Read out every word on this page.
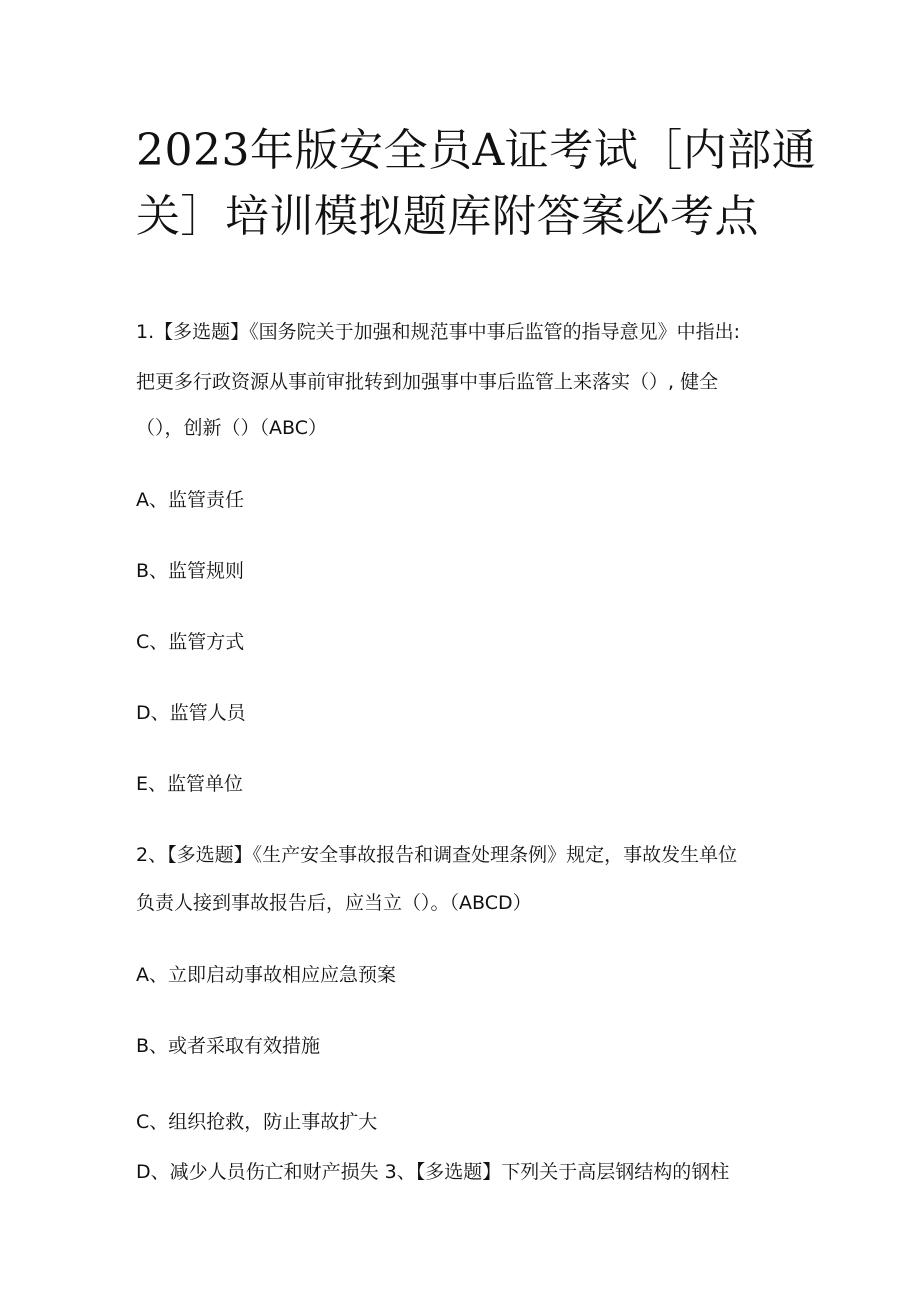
2023年版安全员A证考试［内部通
关］培训模拟题库附答案必考点
1.【多选题】《国务院关于加强和规范事中事后监管的指导意见》中指出:
把更多行政资源从事前审批转到加强事中事后监管上来落实（）, 健全
（），创新（）（ABC）
A、监管责任
B、监管规则
C、监管方式
D、监管人员
E、监管单位
2、【多选题】《生产安全事故报告和调查处理条例》规定，事故发生单位
负责人接到事故报告后，应当立（）。（ABCD）
A、立即启动事故相应应急预案
B、或者采取有效措施
C、组织抢救，防止事故扩大
D、减少人员伤亡和财产损失 3、【多选题】下列关于高层钢结构的钢柱
